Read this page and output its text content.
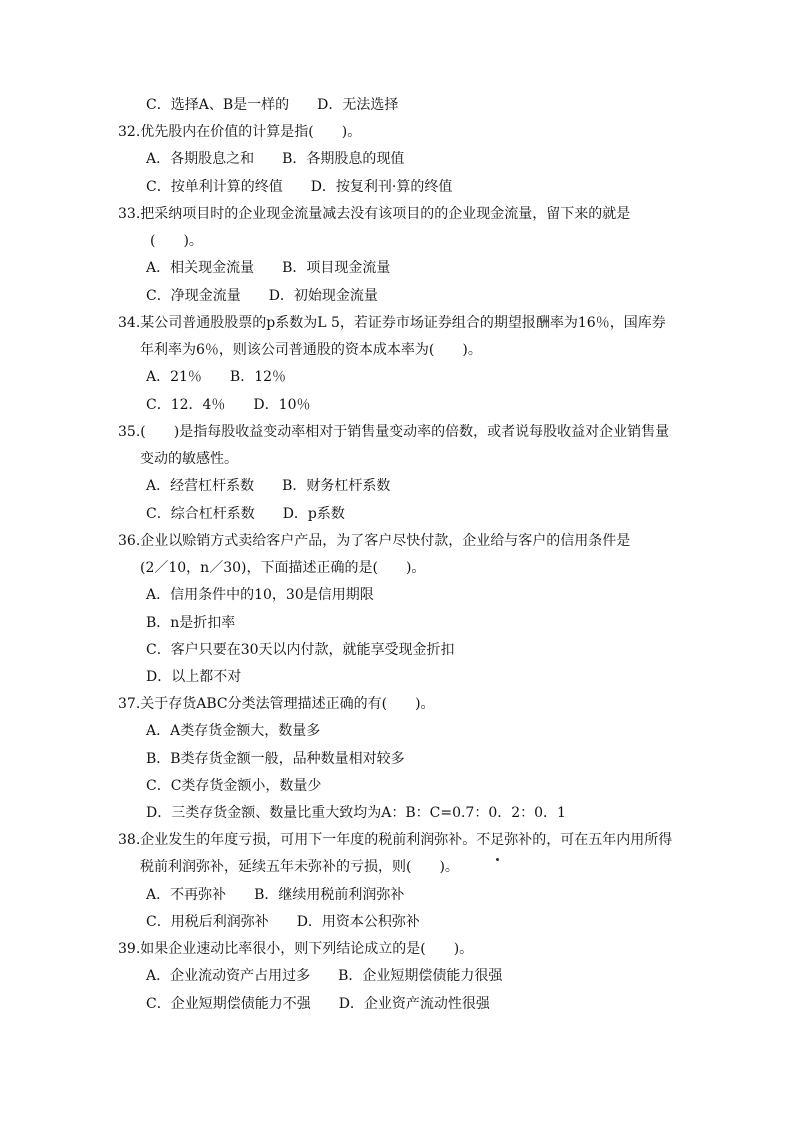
C．选择A、B是一样的　　D．无法选择
32.优先股内在价值的计算是指(　　)。
A．各期股息之和　　B．各期股息的现值
C．按单利计算的终值　　D．按复利刊·算的终值
33.把采纳项目时的企业现金流量减去没有该项目的的企业现金流量，留下来的就是
(　　)。
A．相关现金流量　　B．项目现金流量
C．净现金流量　　D．初始现金流量
34.某公司普通股股票的p系数为L 5，若证券市场证券组合的期望报酬率为16％，国库券
年利率为6％，则该公司普通股的资本成本率为(　　)。
A．21％　　B．12％
C．12．4％　　D．10％
35.(　　)是指每股收益变动率相对于销售量变动率的倍数，或者说每股收益对企业销售量
变动的敏感性。
A．经营杠杆系数　　B．财务杠杆系数
C．综合杠杆系数　　D．p系数
36.企业以赊销方式卖给客户产品，为了客户尽快付款，企业给与客户的信用条件是
(2／10，n／30)，下面描述正确的是(　　)。
A．信用条件中的10，30是信用期限
B．n是折扣率
C．客户只要在30天以内付款，就能享受现金折扣
D．以上都不对
37.关于存货ABC分类法管理描述正确的有(　　)。
A．A类存货金额大，数量多
B．B类存货金额一般，品种数量相对较多
C．C类存货金额小，数量少
D．三类存货金额、数量比重大致均为A：B：C=0.7：0．2：0．1
38.企业发生的年度亏损，可用下一年度的税前利润弥补。不足弥补的，可在五年内用所得
税前利润弥补，延续五年未弥补的亏损，则(　　)。
A．不再弥补　　B．继续用税前利润弥补
C．用税后利润弥补　　D．用资本公积弥补
39.如果企业速动比率很小，则下列结论成立的是(　　)。
A．企业流动资产占用过多　　B．企业短期偿债能力很强
C．企业短期偿债能力不强　　D．企业资产流动性很强
